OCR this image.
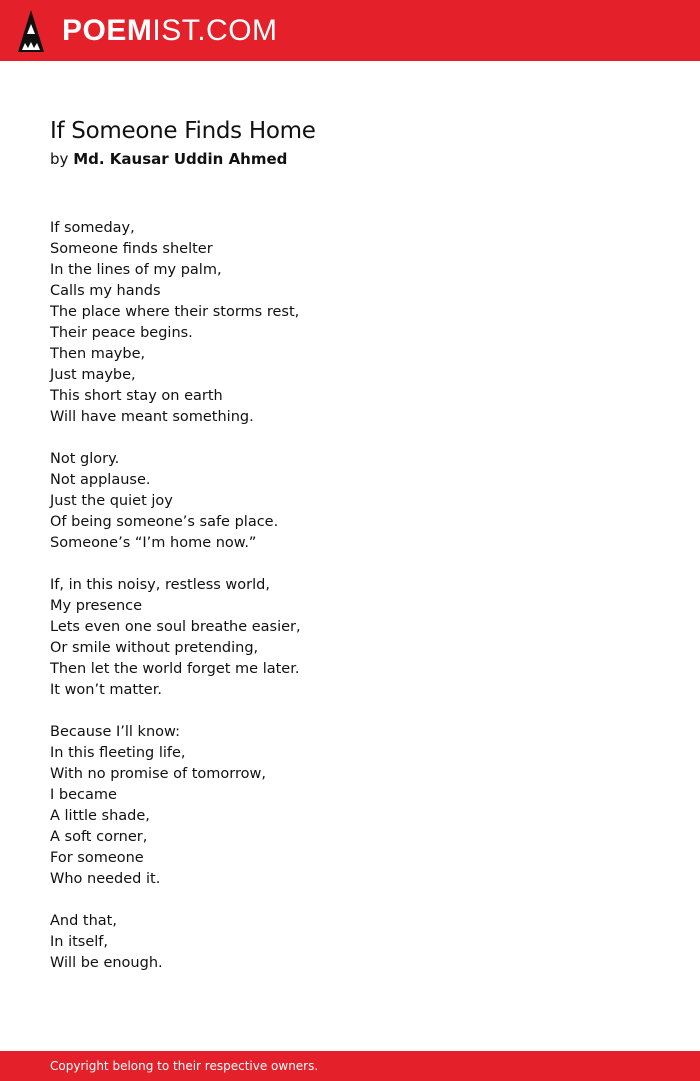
POEMIST.COM
If Someone Finds Home
by Md. Kausar Uddin Ahmed
If someday,
Someone finds shelter
In the lines of my palm,
Calls my hands
The place where their storms rest,
Their peace begins.
Then maybe,
Just maybe,
This short stay on earth
Will have meant something.
Not glory.
Not applause.
Just the quiet joy
Of being someone’s safe place.
Someone’s “I’m home now.”
If, in this noisy, restless world,
My presence
Lets even one soul breathe easier,
Or smile without pretending,
Then let the world forget me later.
It won’t matter.
Because I’ll know:
In this fleeting life,
With no promise of tomorrow,
I became
A little shade,
A soft corner,
For someone
Who needed it.
And that,
In itself,
Will be enough.
Copyright belong to their respective owners.
